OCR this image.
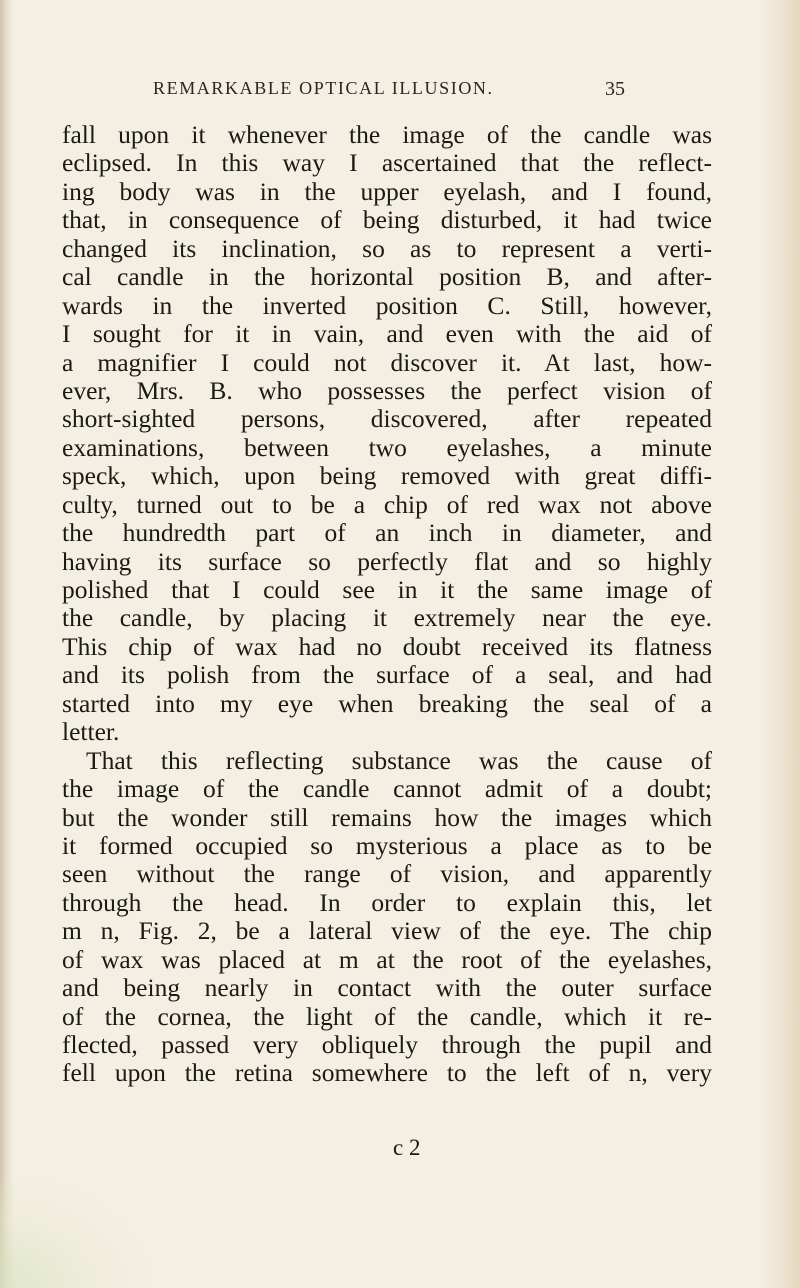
REMARKABLE OPTICAL ILLUSION.	35
fall upon it whenever the image of the candle was
eclipsed. In this way I ascertained that the reflect-
ing body was in the upper eyelash, and I found,
that, in consequence of being disturbed, it had twice
changed its inclination, so as to represent a verti-
cal candle in the horizontal position B, and after-
wards in the inverted position C. Still, however,
I sought for it in vain, and even with the aid of
a magnifier I could not discover it. At last, how-
ever, Mrs. B. who possesses the perfect vision of
short-sighted persons, discovered, after repeated
examinations, between two eyelashes, a minute
speck, which, upon being removed with great diffi-
culty, turned out to be a chip of red wax not above
the hundredth part of an inch in diameter, and
having its surface so perfectly flat and so highly
polished that I could see in it the same image of
the candle, by placing it extremely near the eye.
This chip of wax had no doubt received its flatness
and its polish from the surface of a seal, and had
started into my eye when breaking the seal of a
letter.
That this reflecting substance was the cause of
the image of the candle cannot admit of a doubt;
but the wonder still remains how the images which
it formed occupied so mysterious a place as to be
seen without the range of vision, and apparently
through the head. In order to explain this, let
m n, Fig. 2, be a lateral view of the eye. The chip
of wax was placed at m at the root of the eyelashes,
and being nearly in contact with the outer surface
of the cornea, the light of the candle, which it re-
flected, passed very obliquely through the pupil and
fell upon the retina somewhere to the left of n, very
c 2
